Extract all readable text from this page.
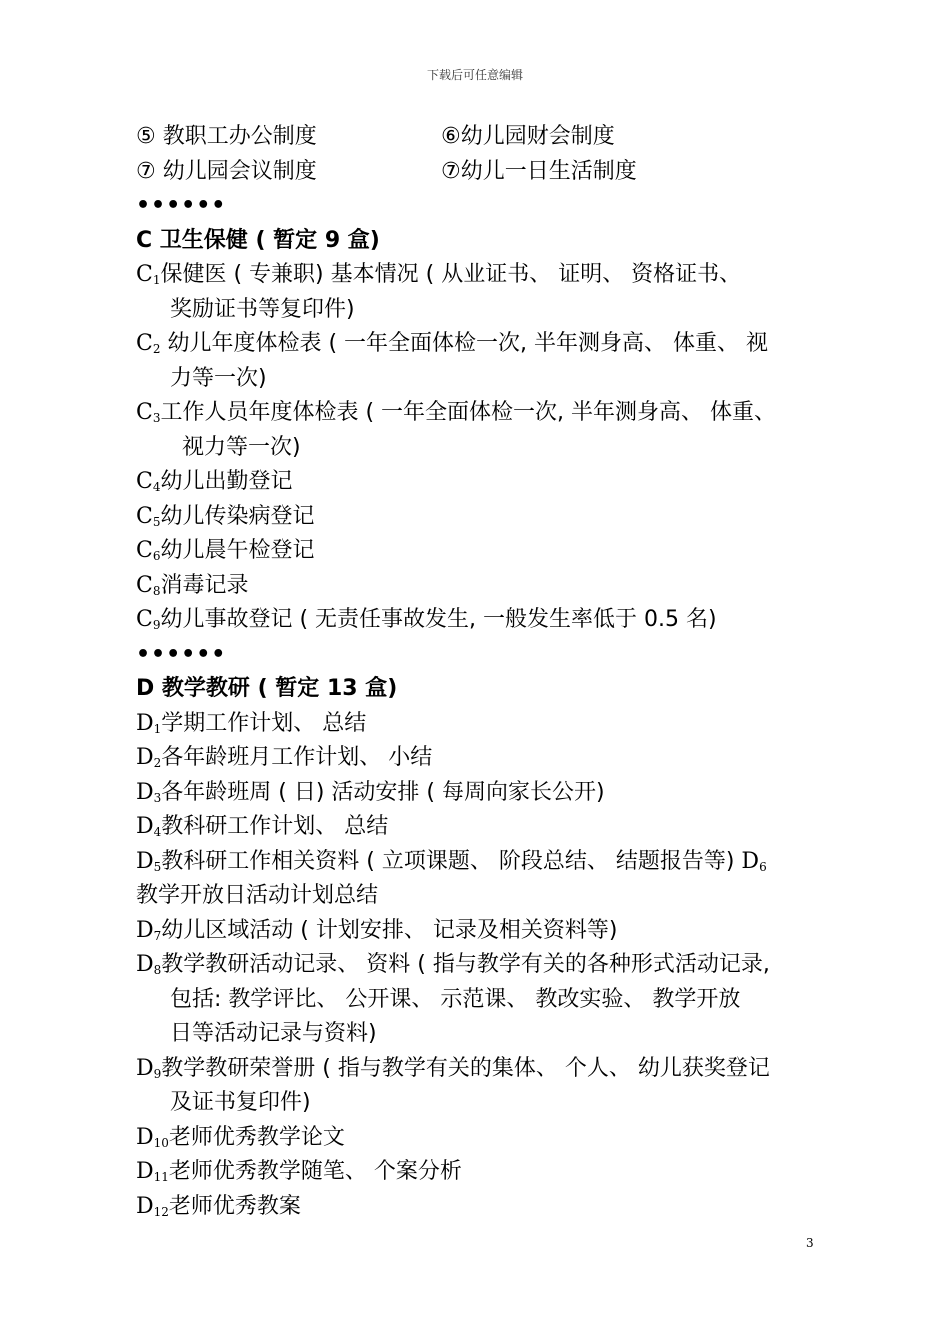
下载后可任意编辑
⑤ 教职工办公制度	⑥幼儿园财会制度
⑦ 幼儿园会议制度	⑦幼儿一日生活制度
••••••
C 卫生保健 ( 暂定 9 盒)
$C_1$保健医 ( 专兼职) 基本情况 ( 从业证书、 证明、 资格证书、
奖励证书等复印件)
$C_2$ 幼儿年度体检表 ( 一年全面体检一次, 半年测身高、 体重、 视
力等一次)
$C_3$工作人员年度体检表 ( 一年全面体检一次, 半年测身高、 体重、
视力等一次)
$C_4$幼儿出勤登记
$C_5$幼儿传染病登记
$C_6$幼儿晨午检登记
$C_8$消毒记录
$C_9$幼儿事故登记 ( 无责任事故发生, 一般发生率低于 0.5 名)
••••••
D 教学教研 ( 暂定 13 盒)
$D_1$学期工作计划、 总结
$D_2$各年龄班月工作计划、 小结
$D_3$各年龄班周 ( 日) 活动安排 ( 每周向家长公开)
$D_4$教科研工作计划、 总结
$D_5$教科研工作相关资料 ( 立项课题、 阶段总结、 结题报告等) $D_6$
教学开放日活动计划总结
$D_7$幼儿区域活动 ( 计划安排、 记录及相关资料等)
$D_8$教学教研活动记录、 资料 ( 指与教学有关的各种形式活动记录,
包括: 教学评比、 公开课、 示范课、 教改实验、 教学开放
日等活动记录与资料)
$D_9$教学教研荣誉册 ( 指与教学有关的集体、 个人、 幼儿获奖登记
及证书复印件)
$D_{10}$老师优秀教学论文
$D_{11}$老师优秀教学随笔、 个案分析
$D_{12}$老师优秀教案
3
